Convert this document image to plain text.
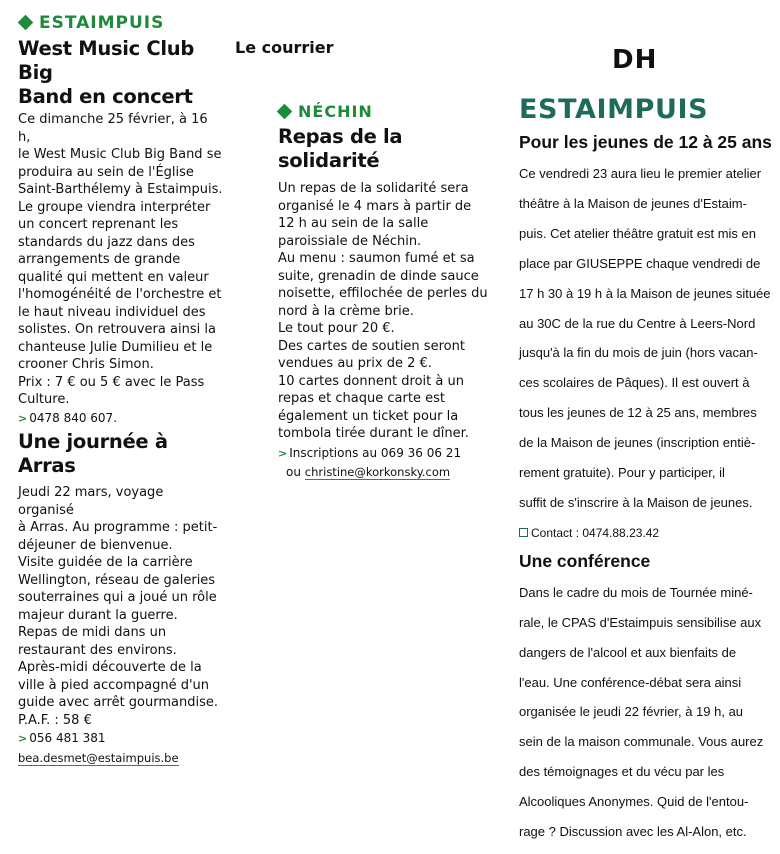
ESTAIMPUIS
West Music Club Big
Band en concert

Ce dimanche 25 février, à 16 h,

le West Music Club Big Band se

produira au sein de l'Église

Saint-Barthélemy à Estaimpuis.

Le groupe viendra interpréter

un concert reprenant les

standards du jazz dans des

arrangements de grande

qualité qui mettent en valeur

l'homogénéité de l'orchestre et

le haut niveau individuel des

solistes. On retrouvera ainsi la

chanteuse Julie Dumilieu et le

crooner Chris Simon.

Prix : 7 € ou 5 € avec le Pass

Culture.

> 0478 840 607.
Une journée à Arras

Jeudi 22 mars, voyage organisé

à Arras. Au programme : petit-

déjeuner de bienvenue.

Visite guidée de la carrière

Wellington, réseau de galeries

souterraines qui a joué un rôle

majeur durant la guerre.

Repas de midi dans un

restaurant des environs.

Après-midi découverte de la

ville à pied accompagné d'un

guide avec arrêt gourmandise.

P.A.F. : 58 €

> 056 481 381
bea.desmet@estaimpuis.be
Le courrier
NÉCHIN
Repas de la solidarité

Un repas de la solidarité sera

organisé le 4 mars à partir de

12 h au sein de la salle

paroissiale de Néchin.

Au menu : saumon fumé et sa

suite, grenadin de dinde sauce

noisette, effilochée de perles du

nord à la crème brie.

Le tout pour 20 €.

Des cartes de soutien seront

vendues au prix de 2 €.

10 cartes donnent droit à un

repas et chaque carte est

également un ticket pour la

tombola tirée durant le dîner.

> Inscriptions au 069 36 06 21
ou christine@korkonsky.com
DH
ESTAIMPUIS
Pour les jeunes de 12 à 25 ans

Ce vendredi 23 aura lieu le premier atelier

théâtre à la Maison de jeunes d'Estaim-

puis. Cet atelier théâtre gratuit est mis en

place par GIUSEPPE chaque vendredi de

17 h 30 à 19 h à la Maison de jeunes située

au 30C de la rue du Centre à Leers-Nord

jusqu'à la fin du mois de juin (hors vacan-

ces scolaires de Pâques). Il est ouvert à

tous les jeunes de 12 à 25 ans, membres

de la Maison de jeunes (inscription entiè-

rement gratuite). Pour y participer, il

suffit de s'inscrire à la Maison de jeunes.

Contact : 0474.88.23.42
Une conférence

Dans le cadre du mois de Tournée miné-

rale, le CPAS d'Estaimpuis sensibilise aux

dangers de l'alcool et aux bienfaits de

l'eau. Une conférence-débat sera ainsi

organisée le jeudi 22 février, à 19 h, au

sein de la maison communale. Vous aurez

des témoignages et du vécu par les

Alcooliques Anonymes. Quid de l'entou-

rage ? Discussion avec les Al-Alon, etc.
